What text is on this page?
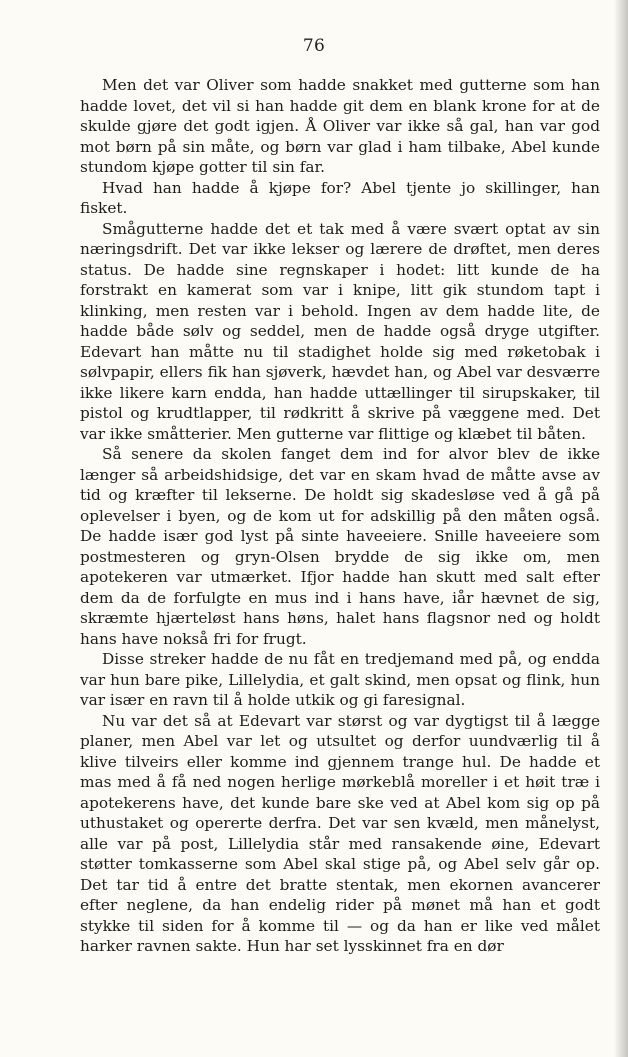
76

Men det var Oliver som hadde snakket med gutterne som han hadde lovet, det vil si han hadde git dem en blank krone for at de skulde gjøre det godt igjen. Å Oliver var ikke så gal, han var god mot børn på sin måte, og børn var glad i ham tilbake, Abel kunde stundom kjøpe gotter til sin far.

Hvad han hadde å kjøpe for? Abel tjente jo skillinger, han fisket.

Smågutterne hadde det et tak med å være svært optat av sin næringsdrift. Det var ikke lekser og lærere de drøftet, men deres status. De hadde sine regnskaper i hodet: litt kunde de ha forstrakt en kamerat som var i knipe, litt gik stundom tapt i klinking, men resten var i behold. Ingen av dem hadde lite, de hadde både sølv og seddel, men de hadde også dryge utgifter. Edevart han måtte nu til stadighet holde sig med røketobak i sølvpapir, ellers fik han sjøverk, hævdet han, og Abel var desværre ikke likere karn endda, han hadde uttællinger til sirupskaker, til pistol og krudtlapper, til rødkritt å skrive på væggene med. Det var ikke småtterier. Men gutterne var flittige og klæbet til båten.

Så senere da skolen fanget dem ind for alvor blev de ikke længer så arbeidshidsige, det var en skam hvad de måtte avse av tid og kræfter til lekserne. De holdt sig skadesløse ved å gå på oplevelser i byen, og de kom ut for adskillig på den måten også. De hadde især god lyst på sinte haveeiere. Snille haveeiere som postmesteren og gryn-Olsen brydde de sig ikke om, men apotekeren var utmærket. Ifjor hadde han skutt med salt efter dem da de forfulgte en mus ind i hans have, iår hævnet de sig, skræmte hjærteløst hans høns, halet hans flagsnor ned og holdt hans have nokså fri for frugt.

Disse streker hadde de nu fåt en tredjemand med på, og endda var hun bare pike, Lillelydia, et galt skind, men opsat og flink, hun var især en ravn til å holde utkik og gi faresignal.

Nu var det så at Edevart var størst og var dygtigst til å lægge planer, men Abel var let og utsultet og derfor uundværlig til å klive tilveirs eller komme ind gjennem trange hul. De hadde et mas med å få ned nogen herlige mørkeblå moreller i et høit træ i apotekerens have, det kunde bare ske ved at Abel kom sig op på uthustaket og opererte derfra. Det var sen kvæld, men månelyst, alle var på post, Lillelydia står med ransakende øine, Edevart støtter tomkasserne som Abel skal stige på, og Abel selv går op. Det tar tid å entre det bratte stentak, men ekornen avancerer efter neglene, da han endelig rider på mønet må han et godt stykke til siden for å komme til — og da han er like ved målet harker ravnen sakte. Hun har set lysskinnet fra en dør
